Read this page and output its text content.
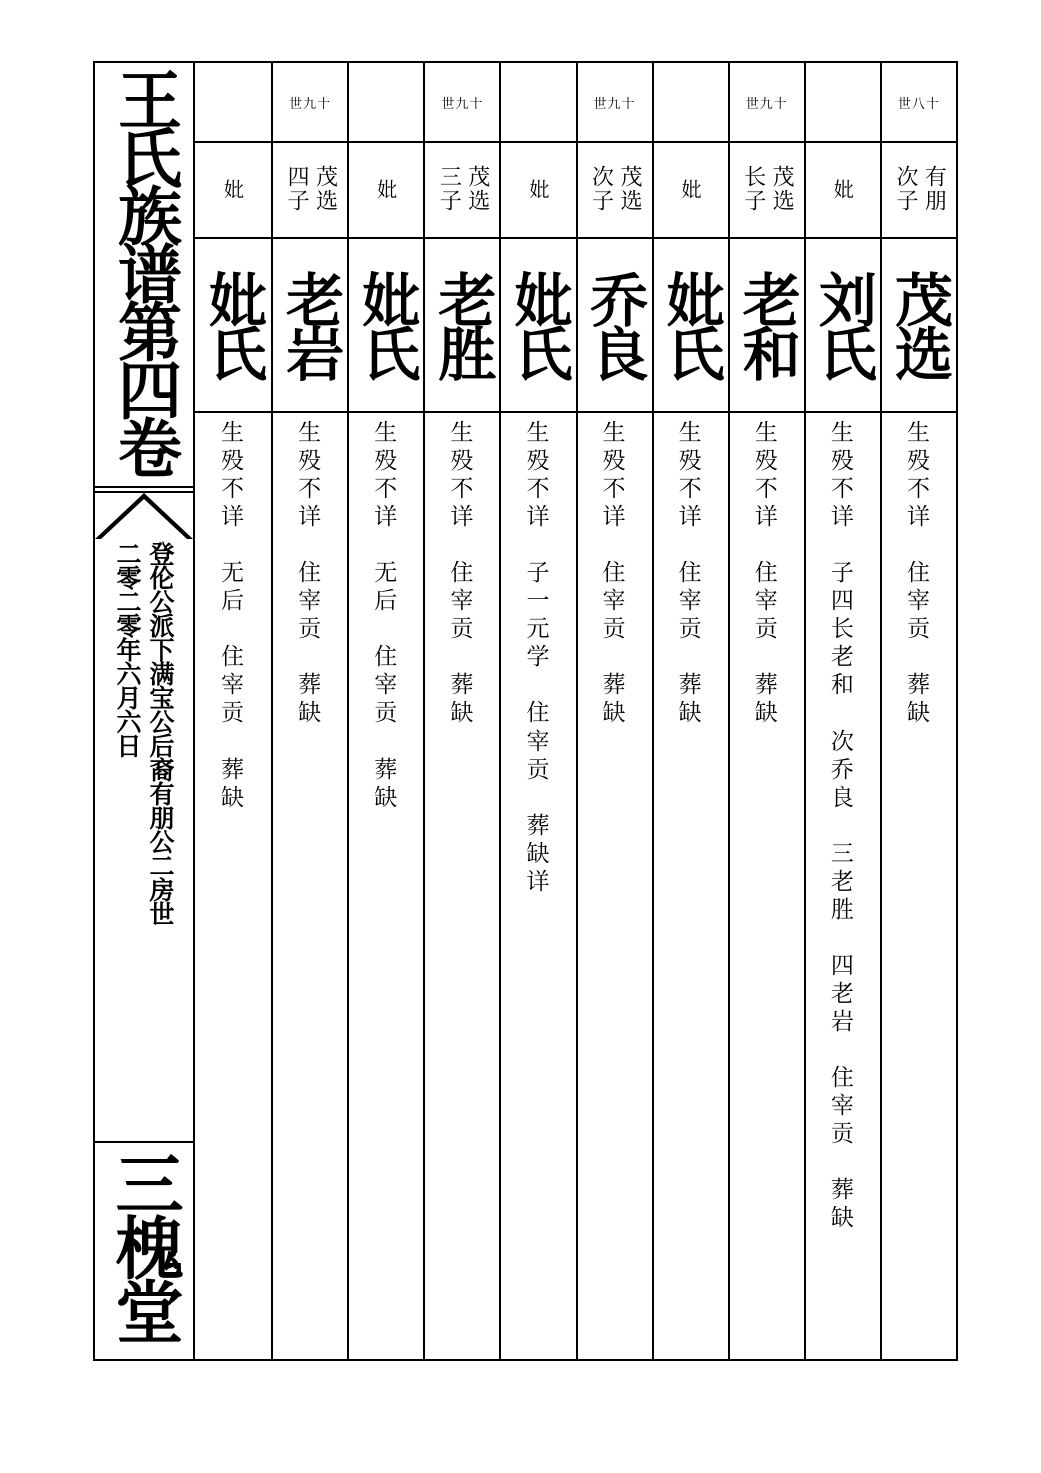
王氏族谱第四卷
登伦公派下满宝公后裔有朋公二房世
二零二零年六月六日
三槐堂
世八十
有朋
次子
茂选
生
殁
不
详

住
宰
贡

葬
缺
妣
刘氏
生
殁
不
详

子
四
长
老
和

次
乔
良

三
老
胜

四
老
岩

住
宰
贡

葬
缺
世九十
茂选
长子
老和
生
殁
不
详

住
宰
贡

葬
缺
妣
妣氏
生
殁
不
详

住
宰
贡

葬
缺
世九十
茂选
次子
乔良
生
殁
不
详

住
宰
贡

葬
缺
妣
妣氏
生
殁
不
详

子
一
元
学

住
宰
贡

葬
缺
详
世九十
茂选
三子
老胜
生
殁
不
详

住
宰
贡

葬
缺
妣
妣氏
生
殁
不
详

无
后

住
宰
贡

葬
缺
世九十
茂选
四子
老岩
生
殁
不
详

住
宰
贡

葬
缺
妣
妣氏
生
殁
不
详

无
后

住
宰
贡

葬
缺
